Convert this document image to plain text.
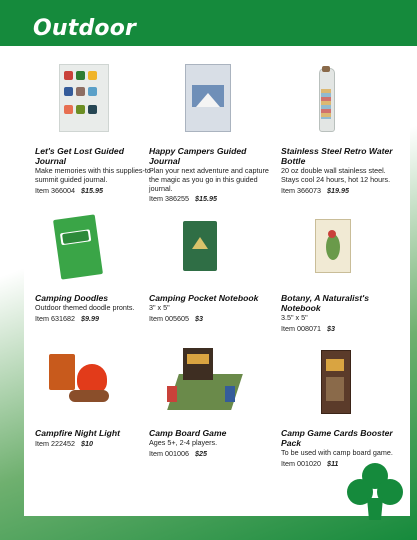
Outdoor

Let's Get Lost Guided Journal

Make memories with this supplies-to-summit guided journal.

Item 366004 $15.95

Happy Campers Guided Journal

Plan your next adventure and capture the magic as you go in this guided journal.

Item 386255 $15.95

Stainless Steel Retro Water Bottle

20 oz double wall stainless steel. Stays cool 24 hours, hot 12 hours.

Item 366073 $19.95

Camping Doodles

Outdoor themed doodle pronts.

Item 631682 $9.99

Camping Pocket Notebook

3" x 5"

Item 005605 $3

Botany, A Naturalist's Notebook

3.5" x 5"

Item 008071 $3

Campfire Night Light

Item 222452 $10

Camp Board Game

Ages 5+, 2-4 players.

Item 001006 $25

Camp Game Cards Booster Pack

To be used with camp board game.

Item 001020 $11
